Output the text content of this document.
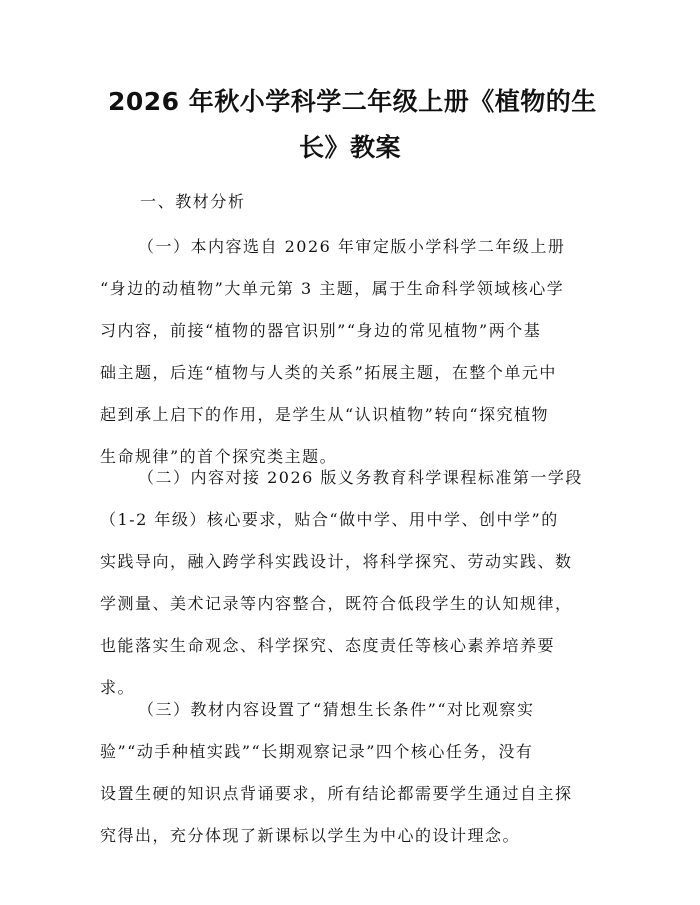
2026 年秋小学科学二年级上册《植物的生
长》教案
一、教材分析
（一）本内容选自 2026 年审定版小学科学二年级上册
“身边的动植物”大单元第 3 主题，属于生命科学领域核心学
习内容，前接“植物的器官识别”“身边的常见植物”两个基
础主题，后连“植物与人类的关系”拓展主题，在整个单元中
起到承上启下的作用，是学生从“认识植物”转向“探究植物
生命规律”的首个探究类主题。
（二）内容对接 2026 版义务教育科学课程标准第一学段
（1-2 年级）核心要求，贴合“做中学、用中学、创中学”的
实践导向，融入跨学科实践设计，将科学探究、劳动实践、数
学测量、美术记录等内容整合，既符合低段学生的认知规律，
也能落实生命观念、科学探究、态度责任等核心素养培养要
求。
（三）教材内容设置了“猜想生长条件”“对比观察实
验”“动手种植实践”“长期观察记录”四个核心任务，没有
设置生硬的知识点背诵要求，所有结论都需要学生通过自主探
究得出，充分体现了新课标以学生为中心的设计理念。
